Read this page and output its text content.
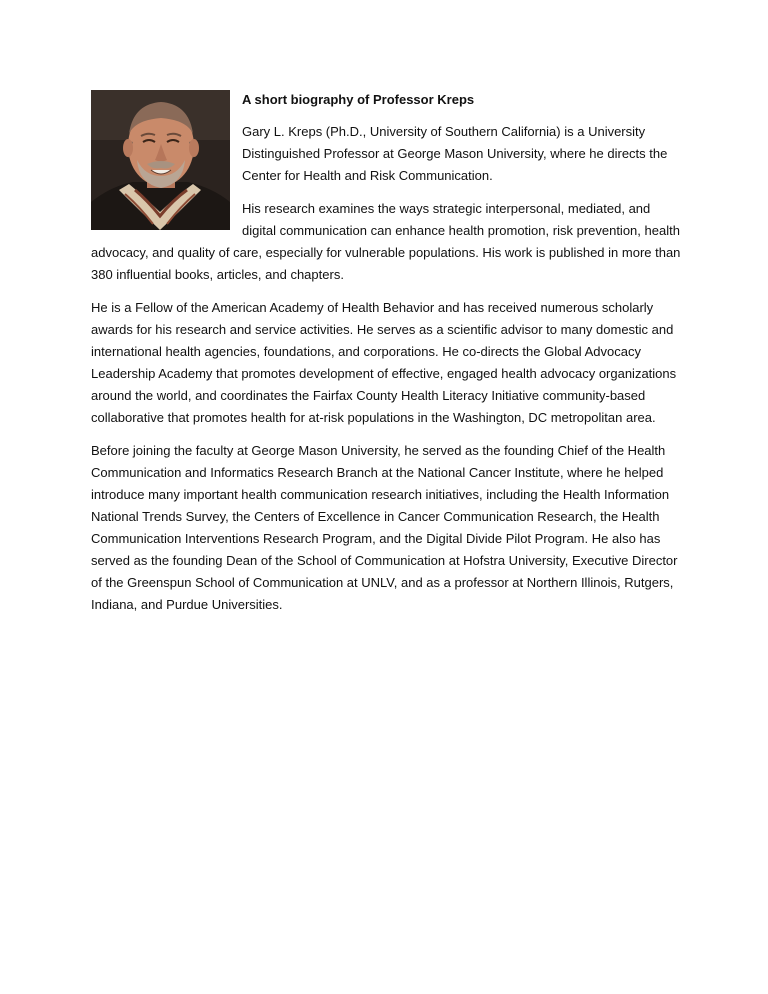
A short biography of Professor Kreps

Gary L. Kreps (Ph.D., University of Southern California) is a University Distinguished Professor at George Mason University, where he directs the Center for Health and Risk Communication.

His research examines the ways strategic interpersonal, mediated, and digital communication can enhance health promotion, risk prevention, health advocacy, and quality of care, especially for vulnerable populations. His work is published in more than 380 influential books, articles, and chapters.

He is a Fellow of the American Academy of Health Behavior and has received numerous scholarly awards for his research and service activities. He serves as a scientific advisor to many domestic and international health agencies, foundations, and corporations. He co-directs the Global Advocacy Leadership Academy that promotes development of effective, engaged health advocacy organizations around the world, and coordinates the Fairfax County Health Literacy Initiative community-based collaborative that promotes health for at-risk populations in the Washington, DC metropolitan area.

Before joining the faculty at George Mason University, he served as the founding Chief of the Health Communication and Informatics Research Branch at the National Cancer Institute, where he helped introduce many important health communication research initiatives, including the Health Information National Trends Survey, the Centers of Excellence in Cancer Communication Research, the Health Communication Interventions Research Program, and the Digital Divide Pilot Program. He also has served as the founding Dean of the School of Communication at Hofstra University, Executive Director of the Greenspun School of Communication at UNLV, and as a professor at Northern Illinois, Rutgers, Indiana, and Purdue Universities.
